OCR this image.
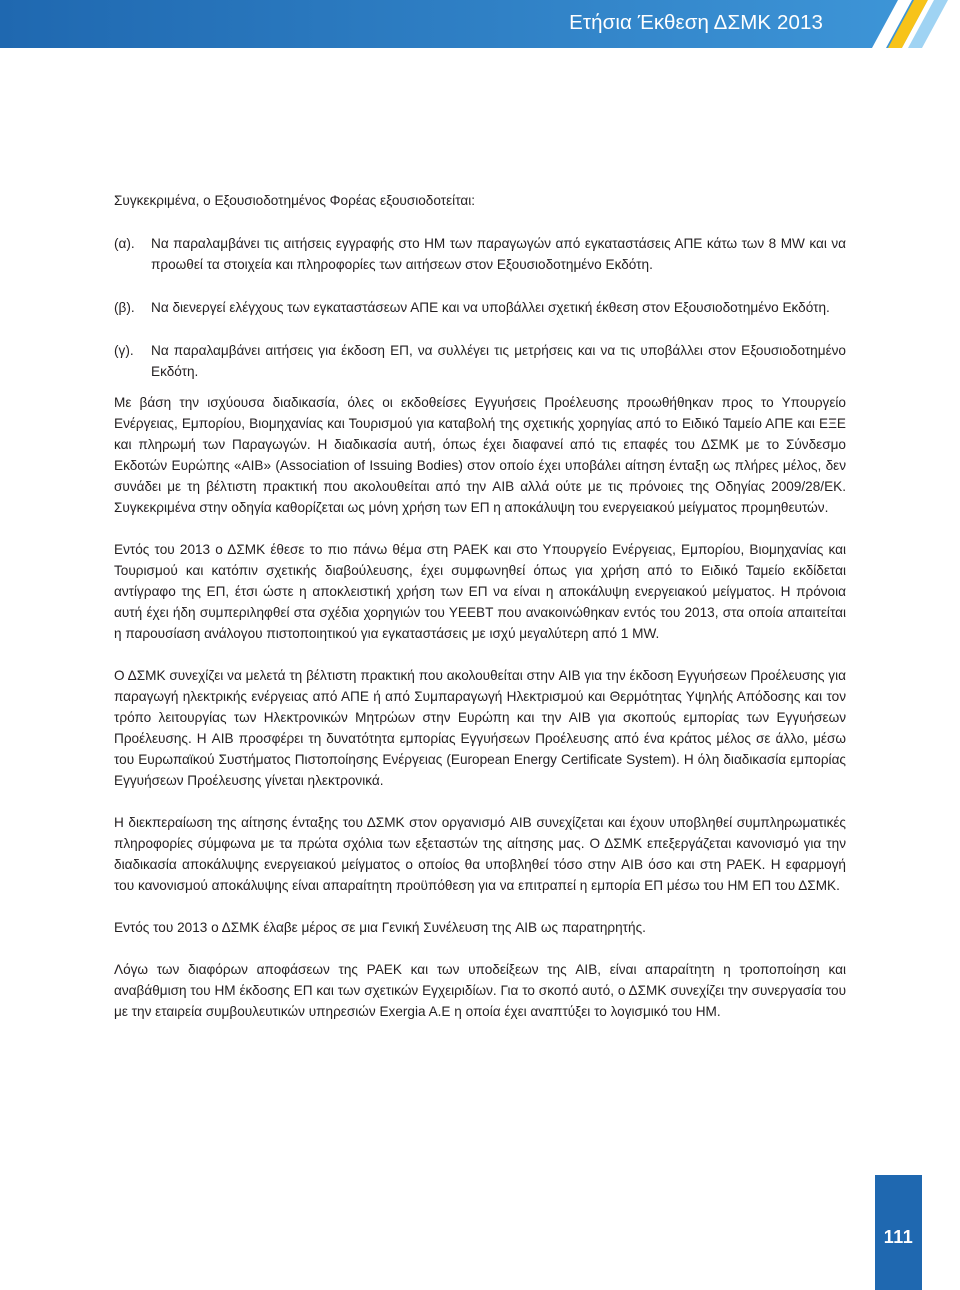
Ετήσια Έκθεση ΔΣΜΚ 2013

Συγκεκριμένα, ο Εξουσιοδοτημένος Φορέας εξουσιοδοτείται:

(α). Να παραλαμβάνει τις αιτήσεις εγγραφής στο ΗΜ των παραγωγών από εγκαταστάσεις ΑΠΕ κάτω των 8 MW και να προωθεί τα στοιχεία και πληροφορίες των αιτήσεων στον Εξουσιοδοτημένο Εκδότη.

(β). Να διενεργεί ελέγχους των εγκαταστάσεων ΑΠΕ και να υποβάλλει σχετική έκθεση στον Εξουσιοδοτημένο Εκδότη.

(γ). Να παραλαμβάνει αιτήσεις για έκδοση ΕΠ, να συλλέγει τις μετρήσεις και να τις υποβάλλει στον Εξουσιοδοτημένο Εκδότη.

Με βάση την ισχύουσα διαδικασία, όλες οι εκδοθείσες Εγγυήσεις Προέλευσης προωθήθηκαν προς το Υπουργείο Ενέργειας, Εμπορίου, Βιομηχανίας και Τουρισμού για καταβολή της σχετικής χορηγίας από το Ειδικό Ταμείο ΑΠΕ και ΕΞΕ και πληρωμή των Παραγωγών. Η διαδικασία αυτή, όπως έχει διαφανεί από τις επαφές του ΔΣΜΚ με το Σύνδεσμο Εκδοτών Ευρώπης «AIB» (Association of Issuing Bodies) στον οποίο έχει υποβάλει αίτηση ένταξη ως πλήρες μέλος, δεν συνάδει με τη βέλτιστη πρακτική που ακολουθείται από την AIB αλλά ούτε με τις πρόνοιες της Οδηγίας 2009/28/ΕΚ. Συγκεκριμένα στην οδηγία καθορίζεται ως μόνη χρήση των ΕΠ η αποκάλυψη του ενεργειακού μείγματος προμηθευτών.

Εντός του 2013 ο ΔΣΜΚ έθεσε το πιο πάνω θέμα στη ΡΑΕΚ και στο Υπουργείο Ενέργειας, Εμπορίου, Βιομηχανίας και Τουρισμού και κατόπιν σχετικής διαβούλευσης, έχει συμφωνηθεί όπως για χρήση από το Ειδικό Ταμείο εκδίδεται αντίγραφο της ΕΠ, έτσι ώστε η αποκλειστική χρήση των ΕΠ να είναι η αποκάλυψη ενεργειακού μείγματος. Η πρόνοια αυτή έχει ήδη συμπεριληφθεί στα σχέδια χορηγιών του ΥΕΕΒΤ που ανακοινώθηκαν εντός του 2013, στα οποία απαιτείται η παρουσίαση ανάλογου πιστοποιητικού για εγκαταστάσεις με ισχύ μεγαλύτερη από 1 MW.

Ο ΔΣΜΚ συνεχίζει να μελετά τη βέλτιστη πρακτική που ακολουθείται στην AIB για την έκδοση Εγγυήσεων Προέλευσης για παραγωγή ηλεκτρικής ενέργειας από ΑΠΕ ή από Συμπαραγωγή Ηλεκτρισμού και Θερμότητας Υψηλής Απόδοσης και τον τρόπο λειτουργίας των Ηλεκτρονικών Μητρώων στην Ευρώπη και την AIB για σκοπούς εμπορίας των Εγγυήσεων Προέλευσης. Η AIB προσφέρει τη δυνατότητα εμπορίας Εγγυήσεων Προέλευσης από ένα κράτος μέλος σε άλλο, μέσω του Ευρωπαϊκού Συστήματος Πιστοποίησης Ενέργειας (European Energy Certificate System). Η όλη διαδικασία εμπορίας Εγγυήσεων Προέλευσης γίνεται ηλεκτρονικά.

Η διεκπεραίωση της αίτησης ένταξης του ΔΣΜΚ στον οργανισμό AIB συνεχίζεται και έχουν υποβληθεί συμπληρωματικές πληροφορίες σύμφωνα με τα πρώτα σχόλια των εξεταστών της αίτησης μας. Ο ΔΣΜΚ επεξεργάζεται κανονισμό για την διαδικασία αποκάλυψης ενεργειακού μείγματος ο οποίος θα υποβληθεί τόσο στην AIB όσο και στη ΡΑΕΚ. Η εφαρμογή του κανονισμού αποκάλυψης είναι απαραίτητη προϋπόθεση για να επιτραπεί η εμπορία ΕΠ μέσω του ΗΜ ΕΠ του ΔΣΜΚ.

Εντός του 2013 ο ΔΣΜΚ έλαβε μέρος σε μια Γενική Συνέλευση της AIB ως παρατηρητής.

Λόγω των διαφόρων αποφάσεων της ΡΑΕΚ και των υποδείξεων της AIB, είναι απαραίτητη η τροποποίηση και αναβάθμιση του ΗΜ έκδοσης ΕΠ και των σχετικών Εγχειριδίων. Για το σκοπό αυτό, ο ΔΣΜΚ συνεχίζει την συνεργασία του με την εταιρεία συμβουλευτικών υπηρεσιών Exergia A.E η οποία έχει αναπτύξει το λογισμικό του ΗΜ.

111
